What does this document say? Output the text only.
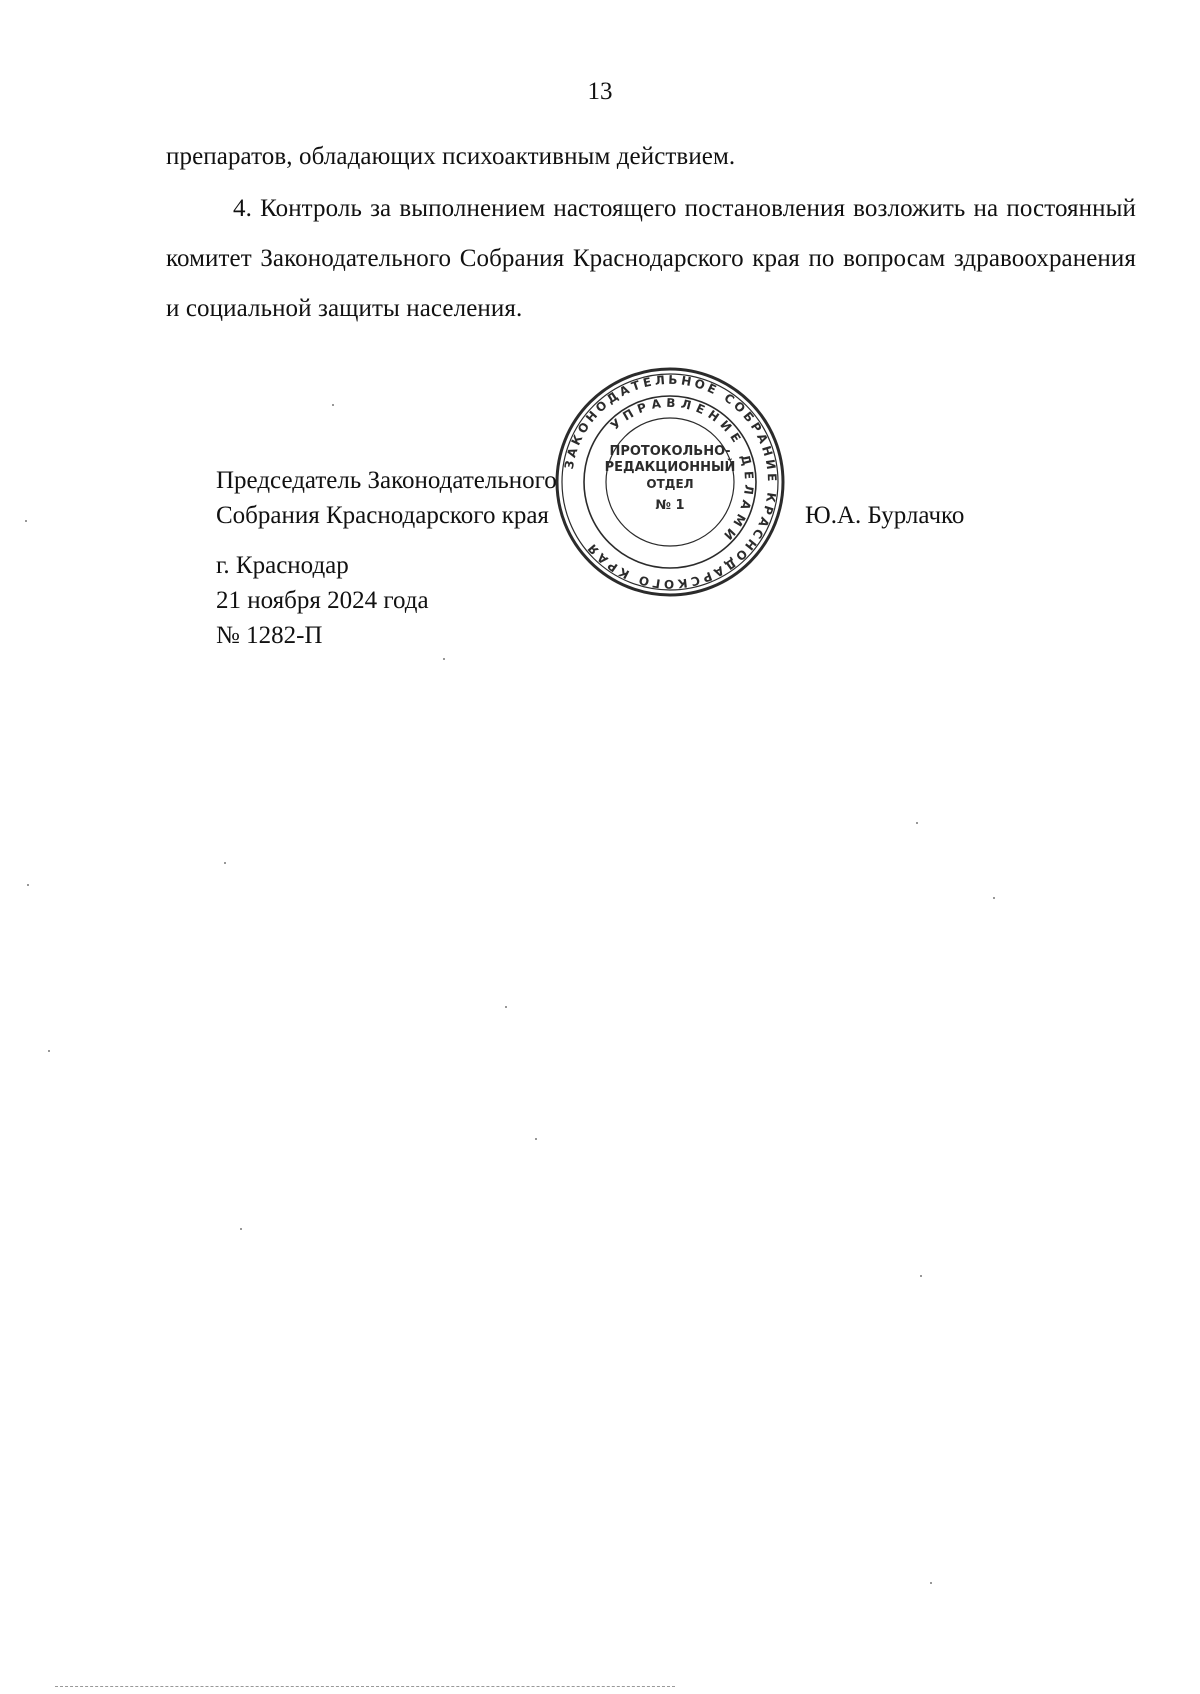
13
препаратов, обладающих психоактивным действием.
4. Контроль за выполнением настоящего постановления возложить на постоянный комитет Законодательного Собрания Краснодарского края по вопросам здравоохранения и социальной защиты населения.
Председатель Законодательного
Собрания Краснодарского края	Ю.А. Бурлачко
г. Краснодар
21 ноября 2024 года
№ 1282-П
ЗАКОНОДАТЕЛЬНОЕ СОБРАНИЕ КРАСНОДАРСКОГО КРАЯ
УПРАВЛЕНИЕ ДЕЛАМИ
ПРОТОКОЛЬНО-
РЕДАКЦИОННЫЙ
ОТДЕЛ
№ 1
